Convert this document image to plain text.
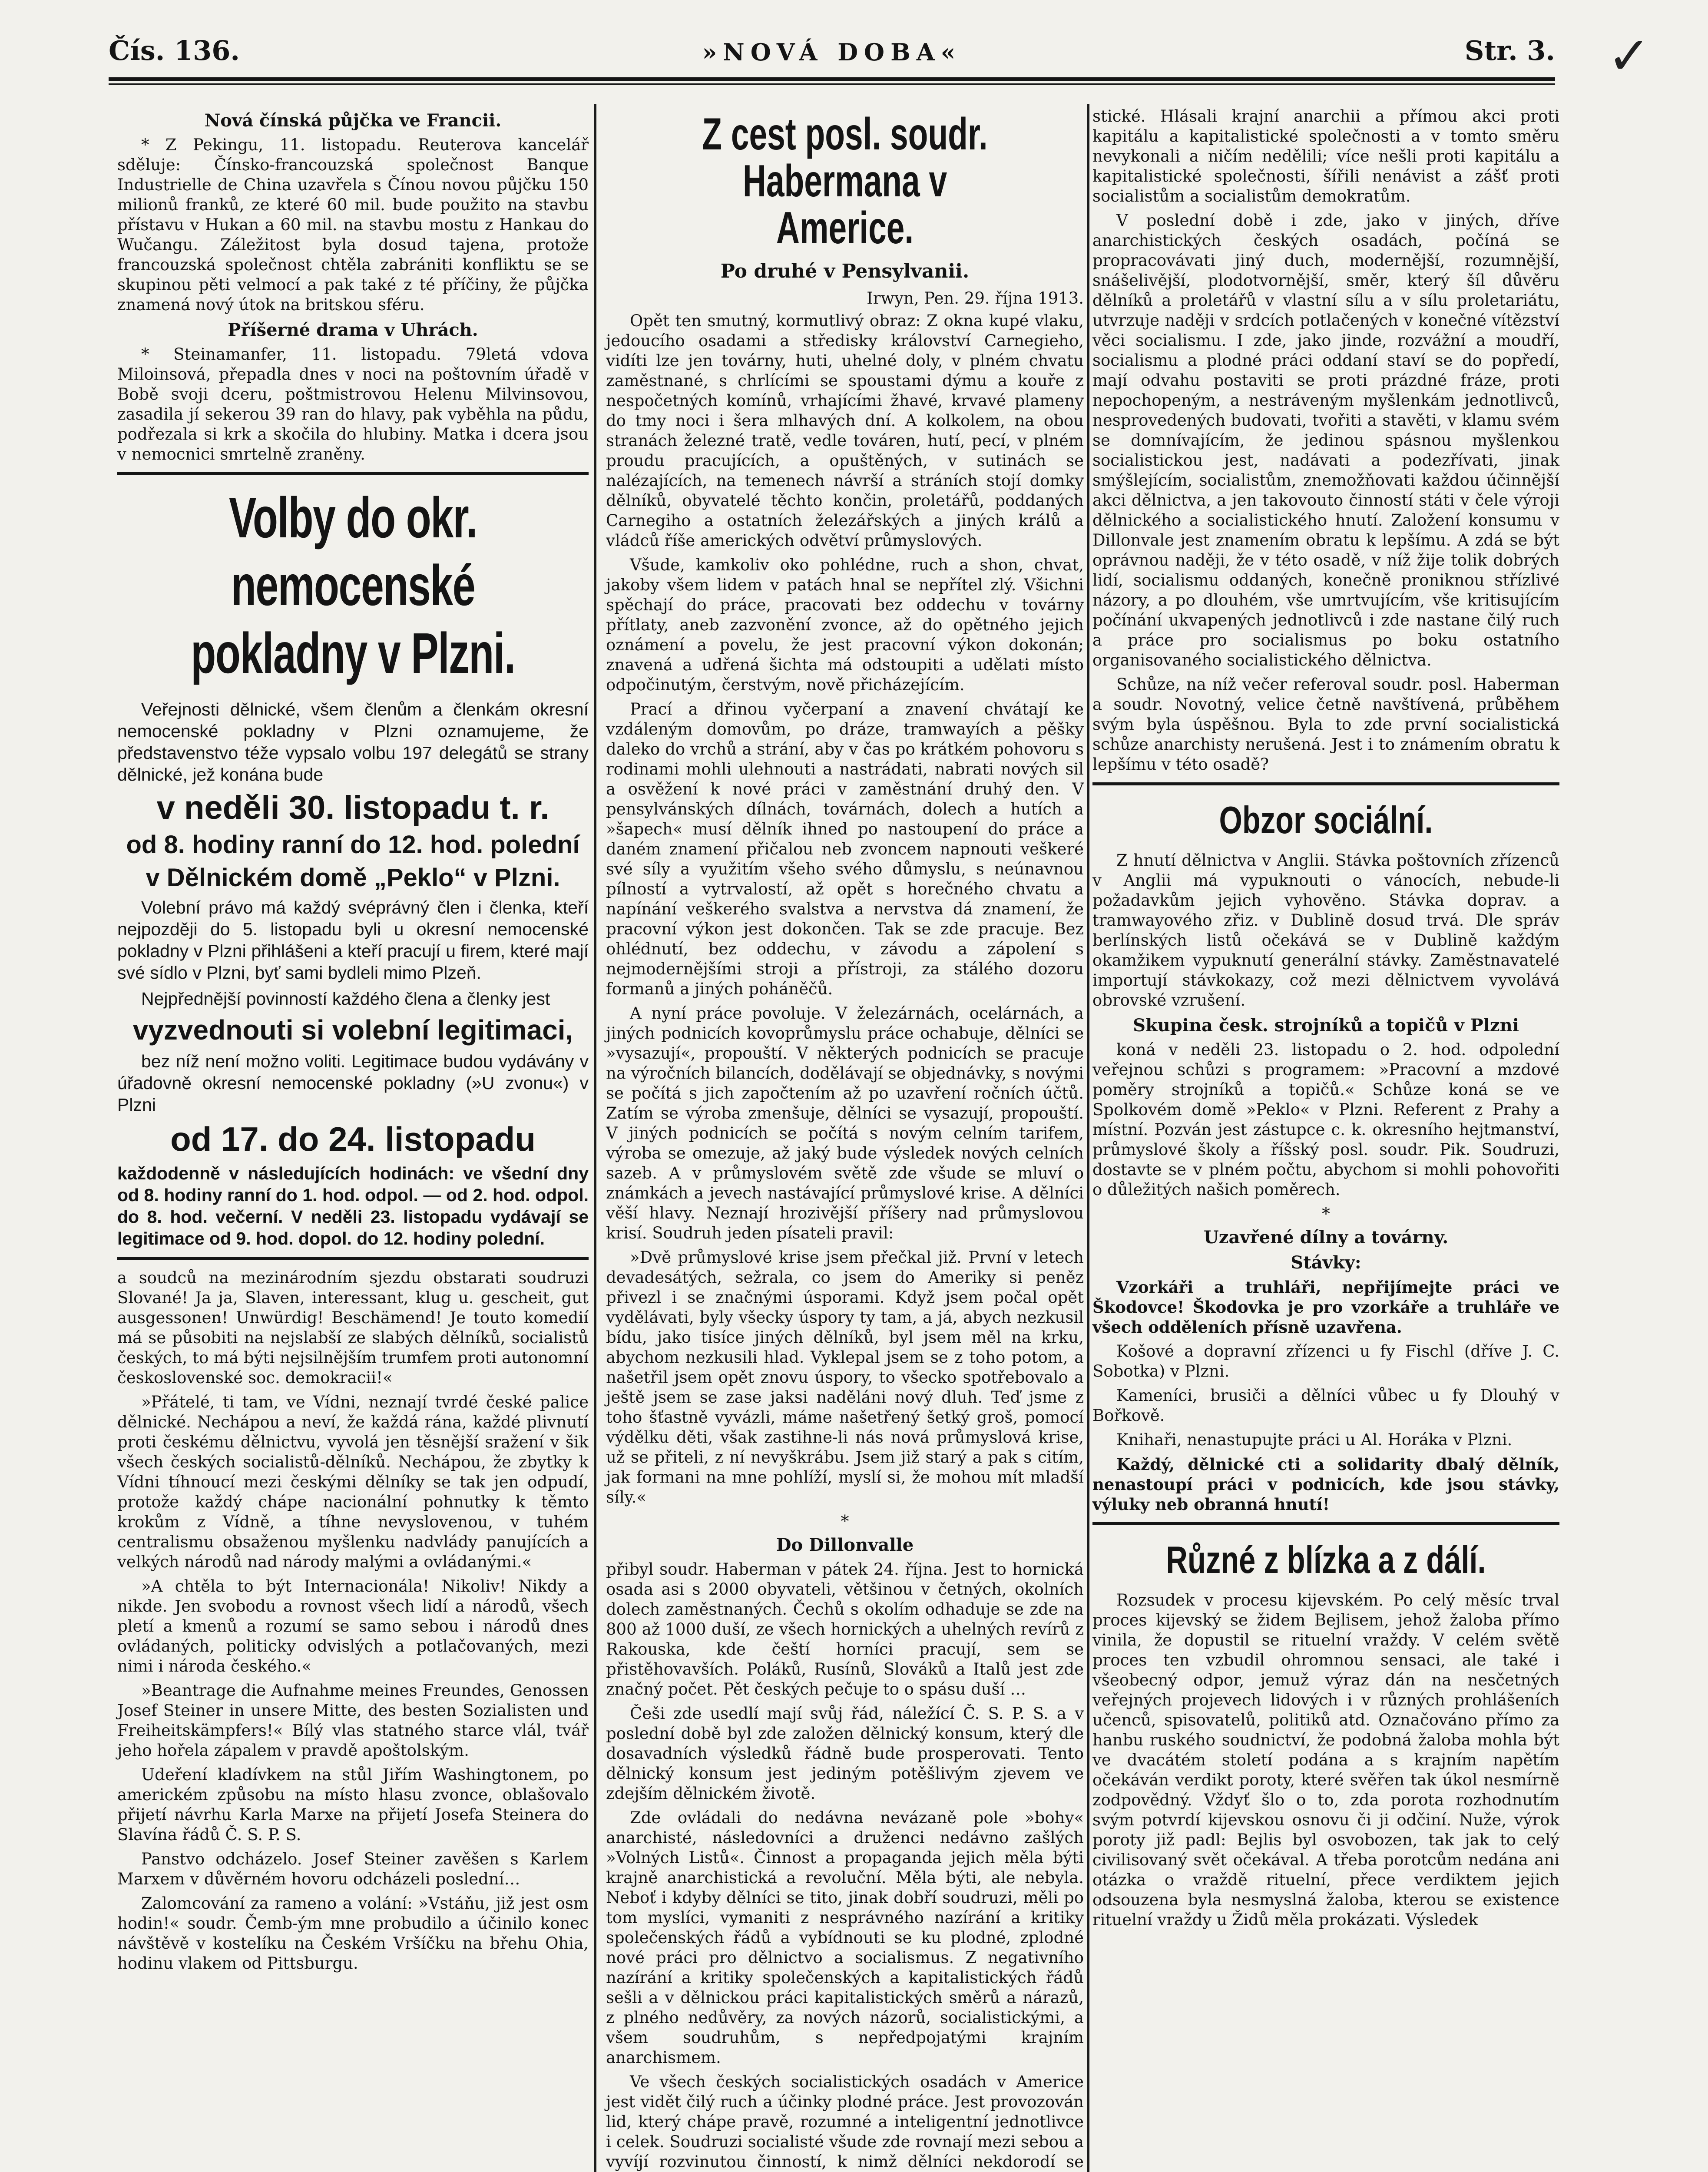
Čís. 136.	»NOVÁ DOBA«	Str. 3. ✓
Nová čínská půjčka ve Francii.

* Z Pekingu, 11. listopadu. Reuterova kancelář sděluje: Čínsko-francouzská společnost Banque Industrielle de China uzavřela s Čínou novou půjčku 150 milionů franků, ze které 60 mil. bude použito na stavbu přístavu v Hukan a 60 mil. na stavbu mostu z Hankau do Wučangu. Záležitost byla dosud tajena, protože francouzská společnost chtěla zabrániti konfliktu se se skupinou pěti velmocí a pak také z té příčiny, že půjčka znamená nový útok na britskou sféru.

Příšerné drama v Uhrách.

* Steinamanfer, 11. listopadu. 79letá vdova Miloinsová, přepadla dnes v noci na poštovním úřadě v Bobě svoji dceru, poštmistrovou Helenu Milvinsovou, zasadila jí sekerou 39 ran do hlavy, pak vyběhla na půdu, podřezala si krk a skočila do hlubiny. Matka i dcera jsou v nemocnici smrtelně zraněny.

Volby do okr. nemocenské pokladny v Plzni.

Veřejnosti dělnické, všem členům a členkám okresní nemocenské pokladny v Plzni oznamujeme, že představenstvo téže vypsalo volbu 197 delegátů se strany dělnické, jež konána bude

v neděli 30. listopadu t. r.
od 8. hodiny ranní do 12. hod. polední
v Dělnickém domě „Peklo“ v Plzni.

Volební právo má každý svéprávný člen i členka, kteří nejpozději do 5. listopadu byli u okresní nemocenské pokladny v Plzni přihlášeni a kteří pracují u firem, které mají své sídlo v Plzni, byť sami bydleli mimo Plzeň.

Nejpřednější povinností každého člena a členky jest

vyzvednouti si volební legitimaci,

bez níž není možno voliti. Legitimace budou vydávány v úřadovně okresní nemocenské pokladny (»U zvonu«) v Plzni

od 17. do 24. listopadu

každodenně v následujících hodinách: ve všední dny od 8. hodiny ranní do 1. hod. odpol. — od 2. hod. odpol. do 8. hod. večerní. V neděli 23. listopadu vydávají se legitimace od 9. hod. dopol. do 12. hodiny polední.

a soudců na mezinárodním sjezdu obstarati soudruzi Slované! Ja ja, Slaven, interessant, klug u. gescheit, gut ausgessonen! Unwürdig! Beschämend! Je touto komedií má se působiti na nejslabší ze slabých dělníků, socialistů českých, to má býti nejsilnějším trumfem proti autonomní československé soc. demokracii!«

»Přátelé, ti tam, ve Vídni, neznají tvrdé české palice dělnické. Nechápou a neví, že každá rána, každé plivnutí proti českému dělnictvu, vyvolá jen těsnější sražení v šik všech českých socialistů-dělníků. Nechápou, že zbytky k Vídni tíhnoucí mezi českými dělníky se tak jen odpudí, protože každý chápe nacionální pohnutky k těmto krokům z Vídně, a tíhne nevyslovenou, v tuhém centralismu obsaženou myšlenku nadvlády panujících a velkých národů nad národy malými a ovládanými.«

»A chtěla to být Internacionála! Nikoliv! Nikdy a nikde. Jen svobodu a rovnost všech lidí a národů, všech pletí a kmenů a rozumí se samo sebou i národů dnes ovládaných, politicky odvislých a potlačovaných, mezi nimi i národa českého.«

»Beantrage die Aufnahme meines Freundes, Genossen Josef Steiner in unsere Mitte, des besten Sozialisten und Freiheitskämpfers!« Bílý vlas statného starce vlál, tvář jeho hořela zápalem v pravdě apoštolským.

Udeření kladívkem na stůl Jiřím Washingtonem, po americkém způsobu na místo hlasu zvonce, oblašovalo přijetí návrhu Karla Marxe na přijetí Josefa Steinera do Slavína řádů Č. S. P. S.

Panstvo odcházelo. Josef Steiner zavěšen s Karlem Marxem v důvěrném hovoru odcházeli poslední…

Zalomcování za rameno a volání: »Vstáňu, již jest osm hodin!« soudr. Čemb-ým mne probudilo a účinilo konec návštěvě v kostelíku na Českém Vršíčku na břehu Ohia, hodinu vlakem od Pittsburgu.

Z cest posl. soudr. Habermana v Americe.
Po druhé v Pensylvanii.
Irwyn, Pen. 29. října 1913.

Opět ten smutný, kormutlivý obraz: Z okna kupé vlaku, jedoucího osadami a středisky království Carnegieho, vidíti lze jen továrny, huti, uhelné doly, v plném chvatu zaměstnané, s chrlícími se spoustami dýmu a kouře z nespočetných komínů, vrhajícími žhavé, krvavé plameny do tmy noci i šera mlhavých dní. A kolkolem, na obou stranách železné tratě, vedle továren, hutí, pecí, v plném proudu pracujících, a opuštěných, v sutinách se nalézajících, na temenech návrší a stráních stojí domky dělníků, obyvatelé těchto končin, proletářů, poddaných Carnegiho a ostatních železářských a jiných králů a vládců říše amerických odvětví průmyslových.

Všude, kamkoliv oko pohlédne, ruch a shon, chvat, jakoby všem lidem v patách hnal se nepřítel zlý. Všichni spěchají do práce, pracovati bez oddechu v továrny přítlaty, aneb zazvonění zvonce, až do opětného jejich oznámení a povelu, že jest pracovní výkon dokonán; znavená a udřená šichta má odstoupiti a udělati místo odpočinutým, čerstvým, nově přicházejícím.

Prací a dřinou vyčerpaní a znavení chvátají ke vzdáleným domovům, po dráze, tramwayích a pěšky daleko do vrchů a strání, aby v čas po krátkém pohovoru s rodinami mohli ulehnouti a nastrádati, nabrati nových sil a osvěžení k nové práci v zaměstnání druhý den. V pensylvánských dílnách, továrnách, dolech a hutích a »šapech« musí dělník ihned po nastoupení do práce a daném znamení přičalou neb zvoncem napnouti veškeré své síly a využitím všeho svého důmyslu, s neúnavnou pílností a vytrvalostí, až opět s horečného chvatu a napínání veškerého svalstva a nervstva dá znamení, že pracovní výkon jest dokončen. Tak se zde pracuje. Bez ohlédnutí, bez oddechu, v závodu a zápolení s nejmodernějšími stroji a přístroji, za stálého dozoru formanů a jiných poháněčů.

A nyní práce povoluje. V železárnách, ocelárnách, a jiných podnicích kovoprůmyslu práce ochabuje, dělníci se »vysazují«, propouští. V některých podnicích se pracuje na výročních bilancích, dodělávají se objednávky, s novými se počítá s jich započtením až po uzavření ročních účtů. Zatím se výroba zmenšuje, dělníci se vysazují, propouští. V jiných podnicích se počítá s novým celním tarifem, výroba se omezuje, až jaký bude výsledek nových celních sazeb. A v průmyslovém světě zde všude se mluví o známkách a jevech nastávající průmyslové krise. A dělníci věší hlavy. Neznají hrozivější příšery nad průmyslovou krisí. Soudruh jeden písateli pravil:

»Dvě průmyslové krise jsem přečkal již. První v letech devadesátých, sežrala, co jsem do Ameriky si peněz přivezl i se značnými úsporami. Když jsem počal opět vydělávati, byly všecky úspory ty tam, a já, abych nezkusil bídu, jako tisíce jiných dělníků, byl jsem měl na krku, abychom nezkusili hlad. Vyklepal jsem se z toho potom, a našetřil jsem opět znovu úspory, to všecko spotřebovalo a ještě jsem se zase jaksi naděláni nový dluh. Teď jsme z toho šťastně vyvázli, máme našetřený šetký groš, pomocí výdělku děti, však zastihne-li nás nová průmyslová krise, už se přiteli, z ní nevyškrábu. Jsem již starý a pak s citím, jak formani na mne pohlíží, myslí si, že mohou mít mladší síly.«

*
Do Dillonvalle

přibyl soudr. Haberman v pátek 24. října. Jest to hornická osada asi s 2000 obyvateli, většinou v četných, okolních dolech zaměstnaných. Čechů s okolím odhaduje se zde na 800 až 1000 duší, ze všech hornických a uhelných revírů z Rakouska, kde čeští horníci pracují, sem se přistěhovavších. Poláků, Rusínů, Slováků a Italů jest zde značný počet. Pět českých pečuje to o spásu duší …

Češi zde usedlí mají svůj řád, náležící Č. S. P. S. a v poslední době byl zde založen dělnický konsum, který dle dosavadních výsledků řádně bude prosperovati. Tento dělnický konsum jest jediným potěšlivým zjevem ve zdejším dělnickém životě.

Zde ovládali do nedávna nevázaně pole »bohy« anarchisté, následovníci a druženci nedávno zašlých »Volných Listů«. Činnost a propaganda jejich měla býti krajně anarchistická a revoluční. Měla býti, ale nebyla. Neboť i kdyby dělníci se tito, jinak dobří soudruzi, měli po tom myslíci, vymaniti z nesprávného nazírání a kritiky společenských řádů a vybídnouti se ku plodné, zplodné nové práci pro dělnictvo a socialismus. Z negativního nazírání a kritiky společenských a kapitalistických řádů sešli a v dělnickou práci kapitalistických směrů a nárazů, z plného nedůvěry, za nových názorů, socialistickými, a všem soudruhům, s nepředpojatými krajním anarchismem.

Ve všech českých socialistických osadách v Americe jest vidět čilý ruch a účinky plodné práce. Jest provozován lid, který chápe pravě, rozumné a inteligentní jednotlivce i celek. Soudruzi socialisté všude zde rovnají mezi sebou a vyvíjí rozvinutou činností, k nimž dělníci nekdorodí se

stické. Hlásali krajní anarchii a přímou akci proti kapitálu a kapitalistické společnosti a v tomto směru nevykonali a ničím nedělili; více nešli proti kapitálu a kapitalistické společnosti, šířili nenávist a zášť proti socialistům a socialistům demokratům.

V poslední době i zde, jako v jiných, dříve anarchistických českých osadách, počíná se propracovávati jiný duch, modernější, rozumnější, snášelivější, plodotvornější, směr, který šíl důvěru dělníků a proletářů v vlastní sílu a v sílu proletariátu, utvrzuje naději v srdcích potlačených v konečné vítězství věci socialismu. I zde, jako jinde, rozvážní a moudří, socialismu a plodné práci oddaní staví se do popředí, mají odvahu postaviti se proti prázdné fráze, proti nepochopeným, a nestráveným myšlenkám jednotlivců, nesprovedených budovati, tvořiti a stavěti, v klamu svém se domnívajícím, že jedinou spásnou myšlenkou socialistickou jest, nadávati a podezřívati, jinak smýšlejícím, socialistům, znemožňovati každou účinnější akci dělnictva, a jen takovouto činností státi v čele výroji dělnického a socialistického hnutí. Založení konsumu v Dillonvale jest znamením obratu k lepšímu. A zdá se být oprávnou naději, že v této osadě, v níž žije tolik dobrých lidí, socialismu oddaných, konečně proniknou střízlivé názory, a po dlouhém, vše umrtvujícím, vše kritisujícím počínání ukvapených jednotlivců i zde nastane čilý ruch a práce pro socialismus po boku ostatního organisovaného socialistického dělnictva.

Schůze, na níž večer referoval soudr. posl. Haberman a soudr. Novotný, velice četně navštívená, průběhem svým byla úspěšnou. Byla to zde první socialistická schůze anarchisty nerušená. Jest i to známením obratu k lepšímu v této osadě?

Obzor sociální.

Z hnutí dělnictva v Anglii. Stávka poštovních zřízenců v Anglii má vypuknouti o vánocích, nebude-li požadavkům jejich vyhověno. Stávka doprav. a tramwayového zřiz. v Dublině dosud trvá. Dle správ berlínských listů očekává se v Dublině každým okamžikem vypuknutí generální stávky. Zaměstnavatelé importují stávkokazy, což mezi dělnictvem vyvolává obrovské vzrušení.

Skupina česk. strojníků a topičů v Plzni

koná v neděli 23. listopadu o 2. hod. odpolední veřejnou schůzi s programem: »Pracovní a mzdové poměry strojníků a topičů.« Schůze koná se ve Spolkovém domě »Peklo« v Plzni. Referent z Prahy a místní. Pozván jest zástupce c. k. okresního hejtmanství, průmyslové školy a říšský posl. soudr. Pik. Soudruzi, dostavte se v plném počtu, abychom si mohli pohovořiti o důležitých našich poměrech.

*
Uzavřené dílny a továrny.
Stávky:

Vzorkáři a truhláři, nepřijímejte práci ve Škodovce! Škodovka je pro vzorkáře a truhláře ve všech odděleních přísně uzavřena.

Košové a dopravní zřízenci u fy Fischl (dříve J. C. Sobotka) v Plzni.

Kameníci, brusiči a dělníci vůbec u fy Dlouhý v Bořkově.

Knihaři, nenastupujte práci u Al. Horáka v Plzni.

Každý, dělnické cti a solidarity dbalý dělník, nenastoupí práci v podnicích, kde jsou stávky, výluky neb obranná hnutí!

Různé z blízka a z dálí.

Rozsudek v procesu kijevském. Po celý měsíc trval proces kijevský se židem Bejlisem, jehož žaloba přímo vinila, že dopustil se rituelní vraždy. V celém světě proces ten vzbudil ohromnou sensaci, ale také i všeobecný odpor, jemuž výraz dán na nesčetných veřejných projevech lidových i v různých prohlášeních učenců, spisovatelů, politiků atd. Označováno přímo za hanbu ruského soudnictví, že podobná žaloba mohla být ve dvacátém století podána a s krajním napětím očekáván verdikt poroty, které svěřen tak úkol nesmírně zodpovědný. Vždyť šlo o to, zda porota rozhodnutím svým potvrdí kijevskou osnovu či ji odčiní. Nuže, výrok poroty již padl: Bejlis byl osvobozen, tak jak to celý civilisovaný svět očekával. A třeba porotcům nedána ani otázka o vraždě rituelní, přece verdiktem jejich odsouzena byla nesmyslná žaloba, kterou se existence rituelní vraždy u Židů měla prokázati. Výsledek
